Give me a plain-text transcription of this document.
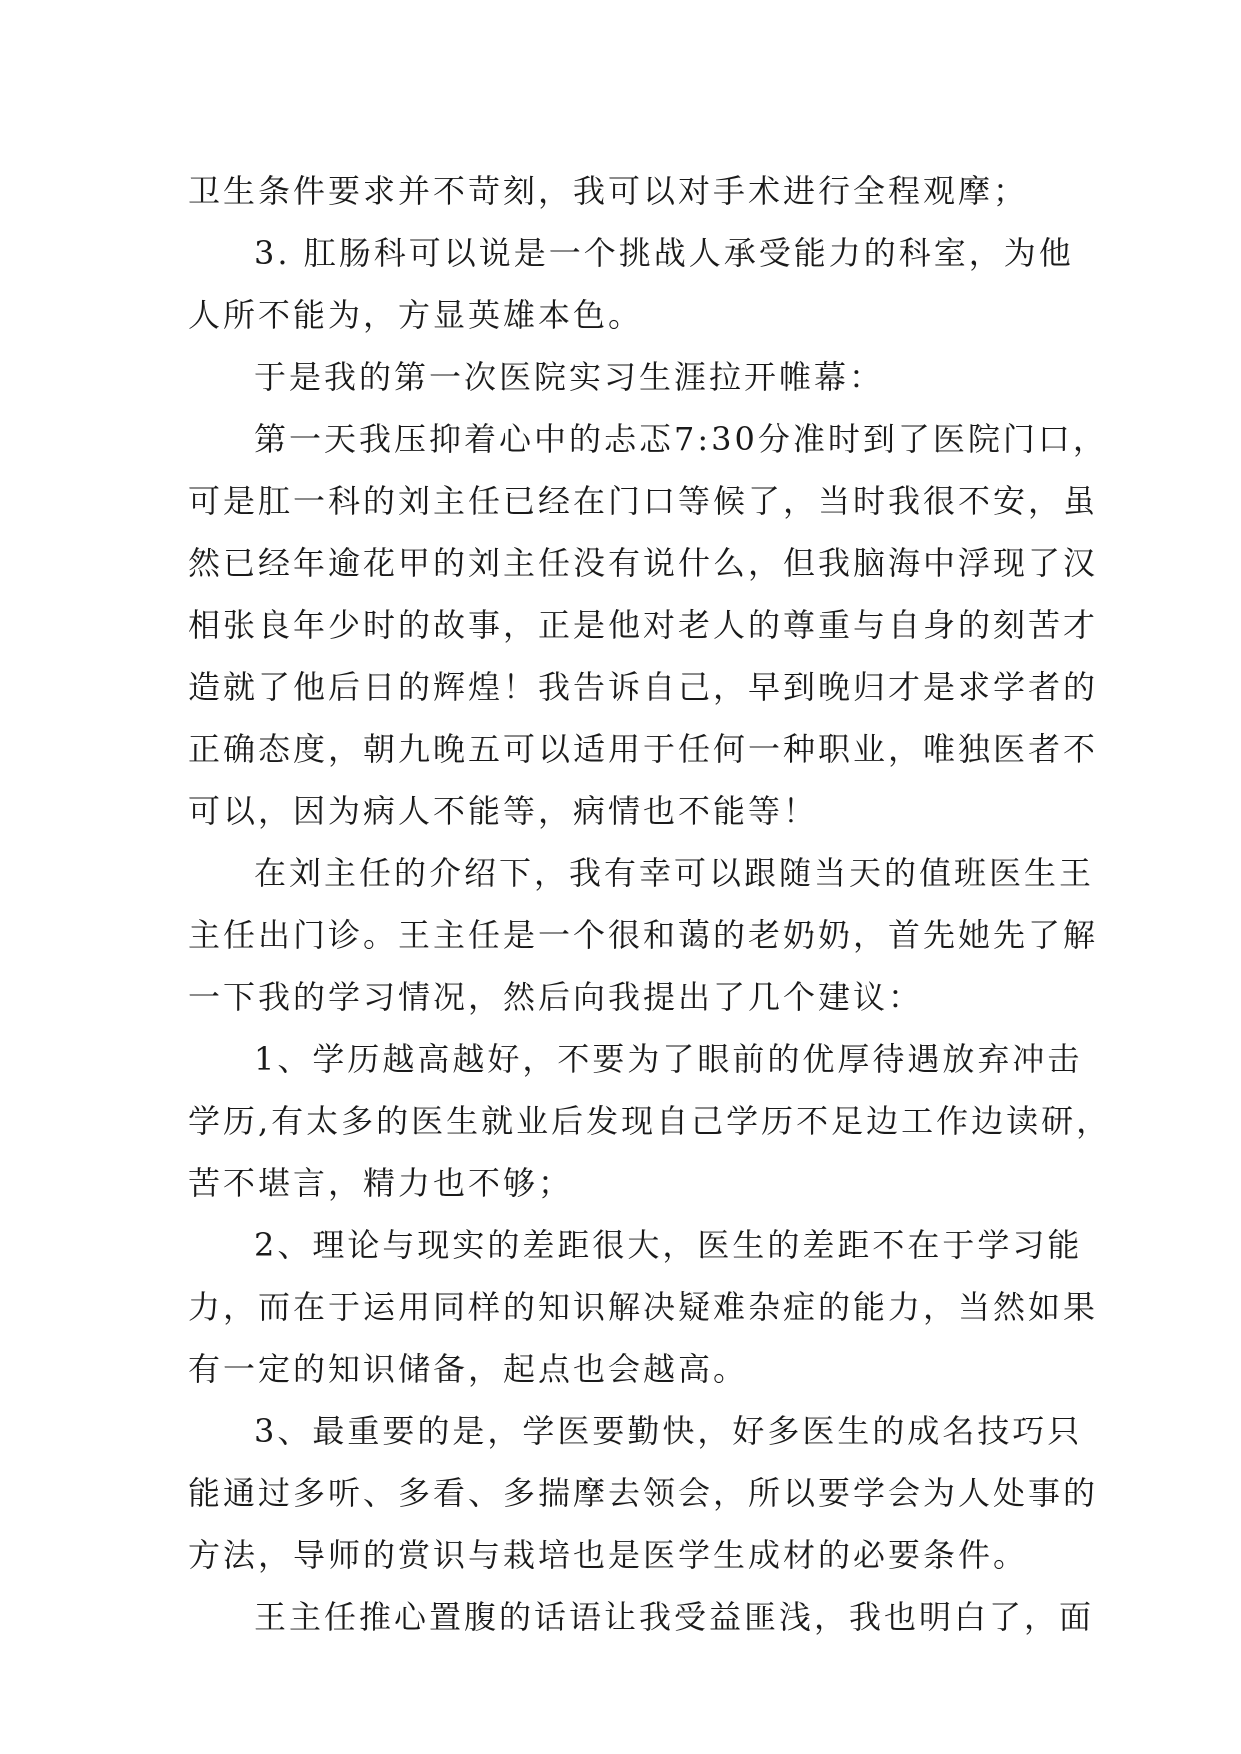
卫生条件要求并不苛刻，我可以对手术进行全程观摩；
3. 肛肠科可以说是一个挑战人承受能力的科室，为他
人所不能为，方显英雄本色。
于是我的第一次医院实习生涯拉开帷幕：
第一天我压抑着心中的忐忑7:30分准时到了医院门口，
可是肛一科的刘主任已经在门口等候了，当时我很不安，虽
然已经年逾花甲的刘主任没有说什么，但我脑海中浮现了汉
相张良年少时的故事，正是他对老人的尊重与自身的刻苦才
造就了他后日的辉煌！我告诉自己，早到晚归才是求学者的
正确态度，朝九晚五可以适用于任何一种职业，唯独医者不
可以，因为病人不能等，病情也不能等！
在刘主任的介绍下，我有幸可以跟随当天的值班医生王
主任出门诊。王主任是一个很和蔼的老奶奶，首先她先了解
一下我的学习情况，然后向我提出了几个建议：
1、学历越高越好，不要为了眼前的优厚待遇放弃冲击
学历,有太多的医生就业后发现自己学历不足边工作边读研，
苦不堪言，精力也不够；
2、理论与现实的差距很大，医生的差距不在于学习能
力，而在于运用同样的知识解决疑难杂症的能力，当然如果
有一定的知识储备，起点也会越高。
3、最重要的是，学医要勤快，好多医生的成名技巧只
能通过多听、多看、多揣摩去领会，所以要学会为人处事的
方法，导师的赏识与栽培也是医学生成材的必要条件。
王主任推心置腹的话语让我受益匪浅，我也明白了，面
